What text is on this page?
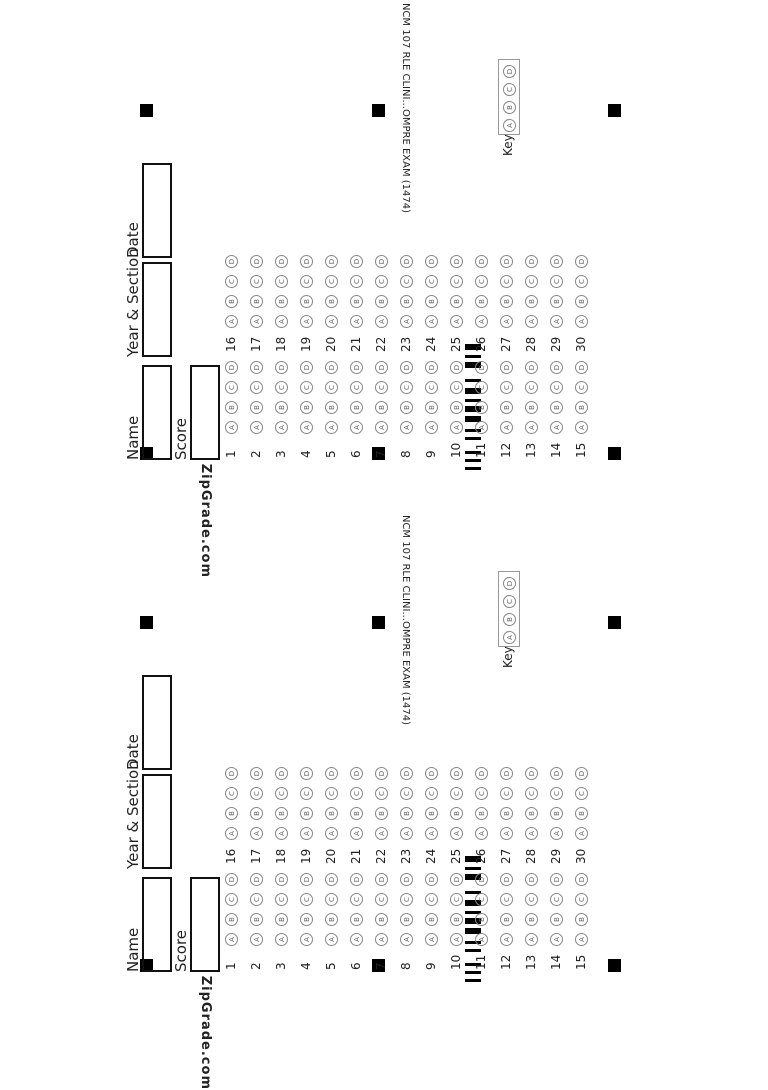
Name
Year & Section
Date
Score
ZipGrade.com
NCM 107 RLE CLINI...OMPRE EXAM (1474)	Key
1
A
B
C
D
2
A
B
C
D
3
A
B
C
D
4
A
B
C
D
5
A
B
C
D
6
A
B
C
D
7
A
B
C
D
8
A
B
C
D
9
A
B
C
D
10
A
B
C
D
11
A
B
C
D
12
A
B
C
D
13
A
B
C
D
14
A
B
C
D
15
A
B
C
D
16
A
B
C
D
17
A
B
C
D
18
A
B
C
D
19
A
B
C
D
20
A
B
C
D
21
A
B
C
D
22
A
B
C
D
23
A
B
C
D
24
A
B
C
D
25
A
B
C
D
26
A
B
C
D
27
A
B
C
D
28
A
B
C
D
29
A
B
C
D
30
A
B
C
D
A
B
C
D
Name
Year & Section
Date
Score
ZipGrade.com
NCM 107 RLE CLINI...OMPRE EXAM (1474)	Key
1
A
B
C
D
2
A
B
C
D
3
A
B
C
D
4
A
B
C
D
5
A
B
C
D
6
A
B
C
D
7
A
B
C
D
8
A
B
C
D
9
A
B
C
D
10
A
B
C
D
11
A
B
C
D
12
A
B
C
D
13
A
B
C
D
14
A
B
C
D
15
A
B
C
D
16
A
B
C
D
17
A
B
C
D
18
A
B
C
D
19
A
B
C
D
20
A
B
C
D
21
A
B
C
D
22
A
B
C
D
23
A
B
C
D
24
A
B
C
D
25
A
B
C
D
26
A
B
C
D
27
A
B
C
D
28
A
B
C
D
29
A
B
C
D
30
A
B
C
D
A
B
C
D
